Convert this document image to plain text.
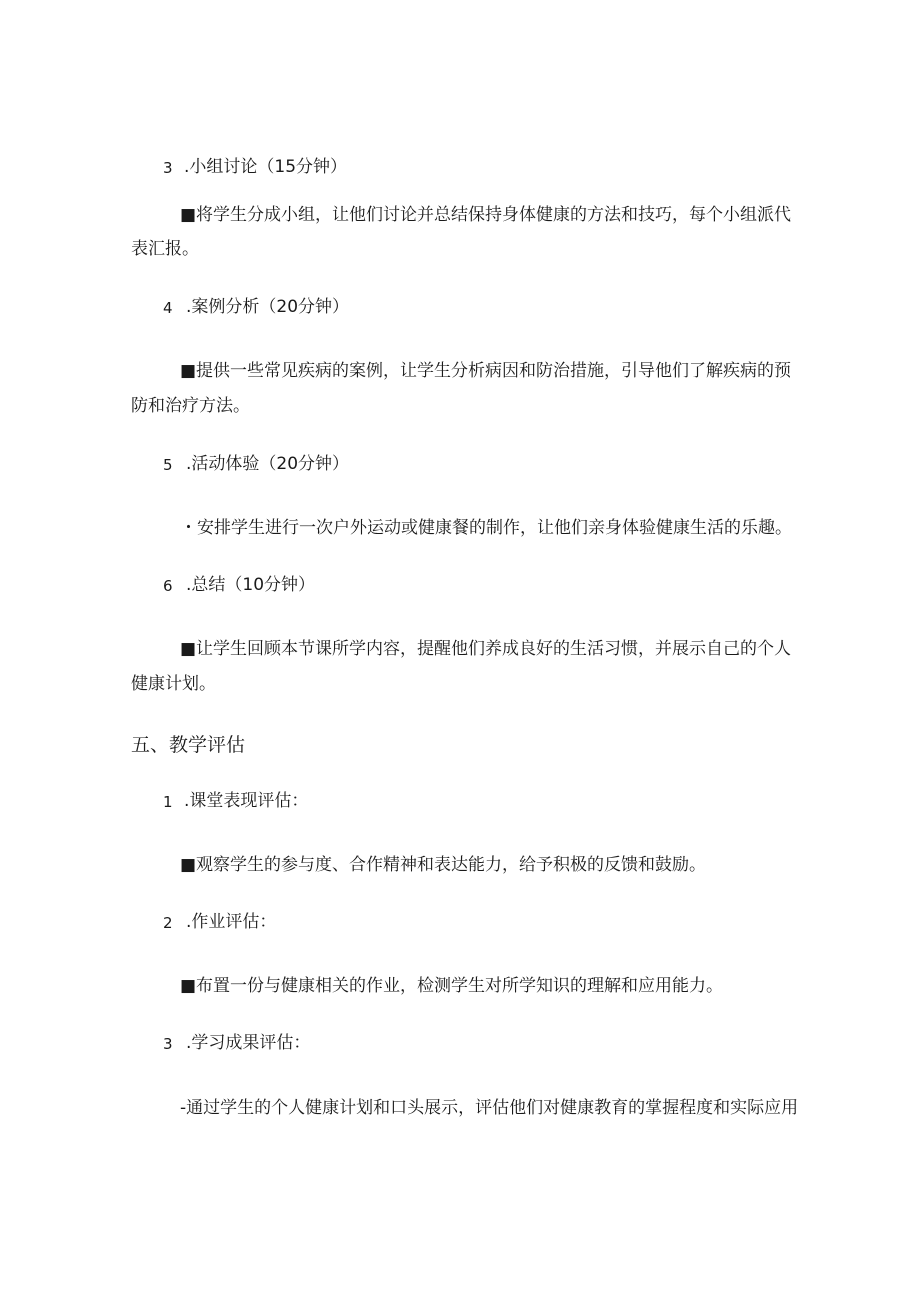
3 .小组讨论（15分钟）
■将学生分成小组，让他们讨论并总结保持身体健康的方法和技巧，每个小组派代
表汇报。
4 .案例分析（20分钟）
■提供一些常见疾病的案例，让学生分析病因和防治措施，引导他们了解疾病的预
防和治疗方法。
5 .活动体验（20分钟）
・安排学生进行一次户外运动或健康餐的制作，让他们亲身体验健康生活的乐趣。
6 .总结（10分钟）
■让学生回顾本节课所学内容，提醒他们养成良好的生活习惯，并展示自己的个人
健康计划。
五、教学评估
1 .课堂表现评估：
■观察学生的参与度、合作精神和表达能力，给予积极的反馈和鼓励。
2 .作业评估：
■布置一份与健康相关的作业，检测学生对所学知识的理解和应用能力。
3 .学习成果评估：
-通过学生的个人健康计划和口头展示，评估他们对健康教育的掌握程度和实际应用
